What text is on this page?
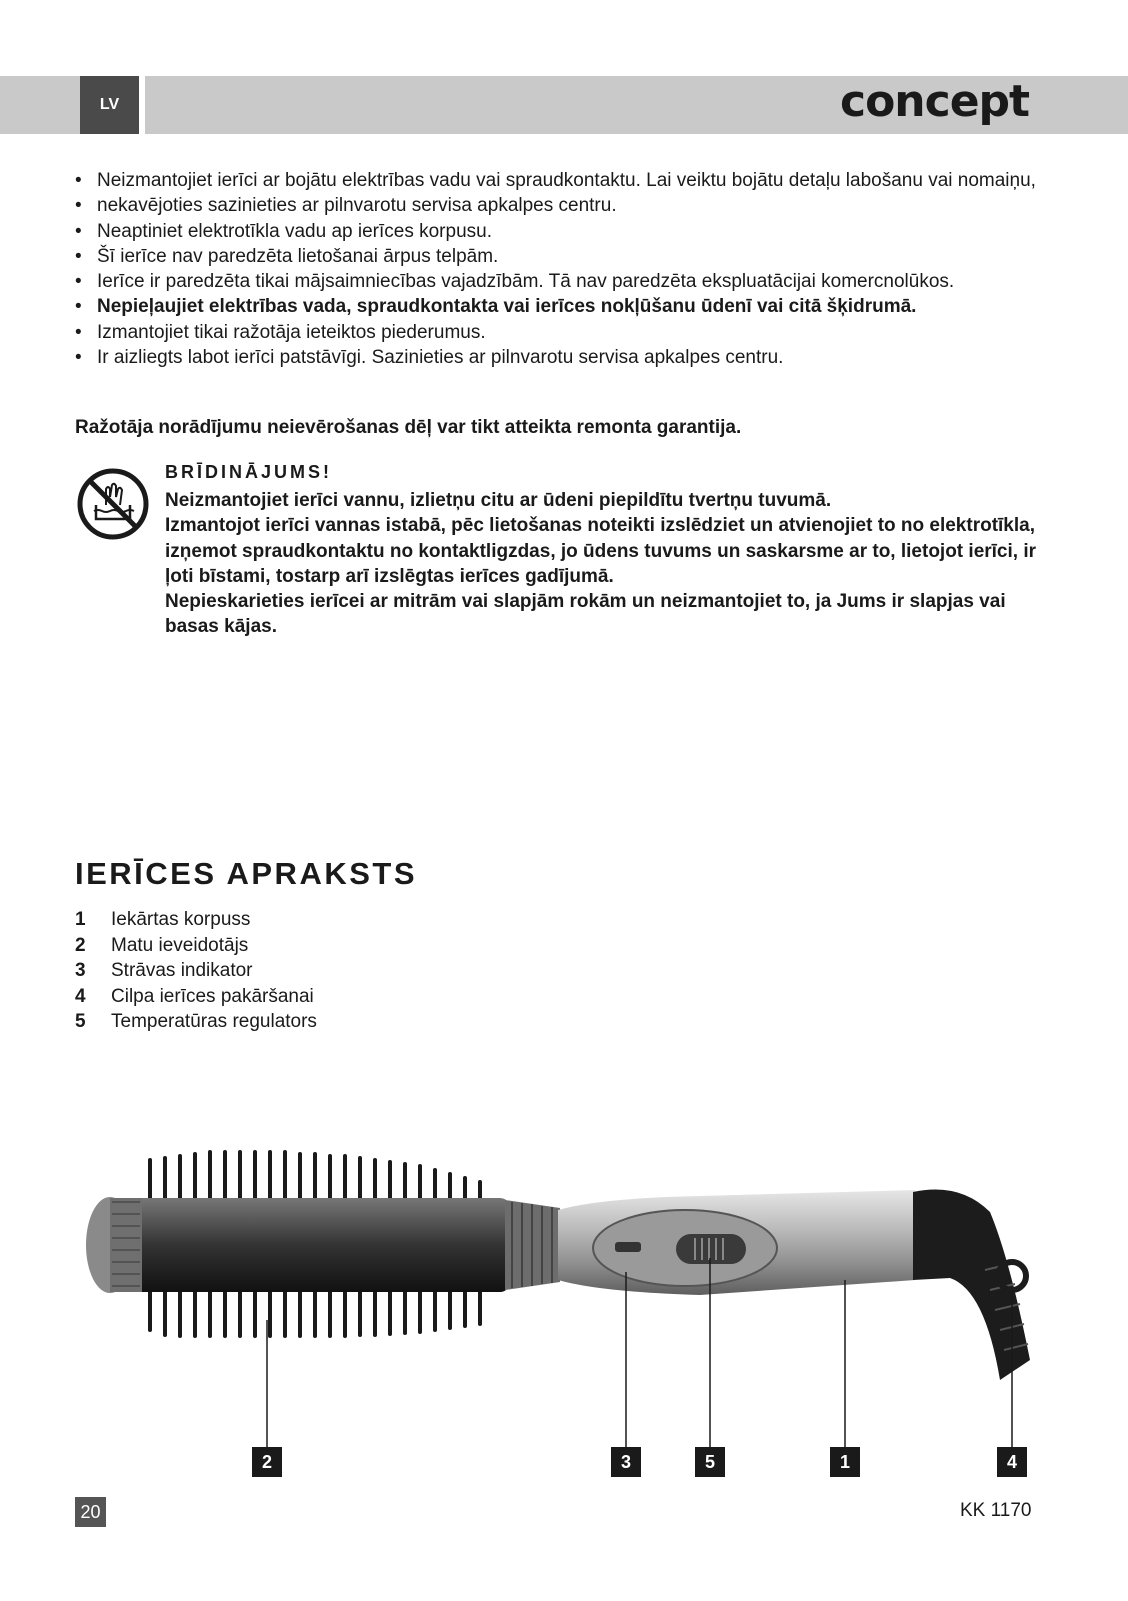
LV	concept
• Neizmantojiet ierīci ar bojātu elektrības vadu vai spraudkontaktu. Lai veiktu bojātu detaļu labošanu vai nomaiņu,
• nekavējoties sazinieties ar pilnvarotu servisa apkalpes centru.
• Neaptiniet elektrotīkla vadu ap ierīces korpusu.
• Šī ierīce nav paredzēta lietošanai ārpus telpām.
• Ierīce ir paredzēta tikai mājsaimniecības vajadzībām. Tā nav paredzēta ekspluatācijai komercnolūkos.
• Nepieļaujiet elektrības vada, spraudkontakta vai ierīces nokļūšanu ūdenī vai citā šķidrumā.
• Izmantojiet tikai ražotāja ieteiktos piederumus.
• Ir aizliegts labot ierīci patstāvīgi. Sazinieties ar pilnvarotu servisa apkalpes centru.
Ražotāja norādījumu neievērošanas dēļ var tikt atteikta remonta garantija.
BRĪDINĀJUMS!

Neizmantojiet ierīci vannu, izlietņu citu ar ūdeni piepildītu tvertņu tuvumā.

Izmantojot ierīci vannas istabā, pēc lietošanas noteikti izslēdziet un atvienojiet to no elektrotīkla, izņemot spraudkontaktu no kontaktligzdas, jo ūdens tuvums un saskarsme ar to, lietojot ierīci, ir ļoti bīstami, tostarp arī izslēgtas ierīces gadījumā.

Nepieskarieties ierīcei ar mitrām vai slapjām rokām un neizmantojiet to, ja Jums ir slapjas vai basas kājas.

IERĪCES APRAKSTS
1	Iekārtas korpuss
2	Matu ieveidotājs
3	Strāvas indikator
4	Cilpa ierīces pakāršanai
5	Temperatūras regulators
2	3	5	1	4
20	KK 1170
